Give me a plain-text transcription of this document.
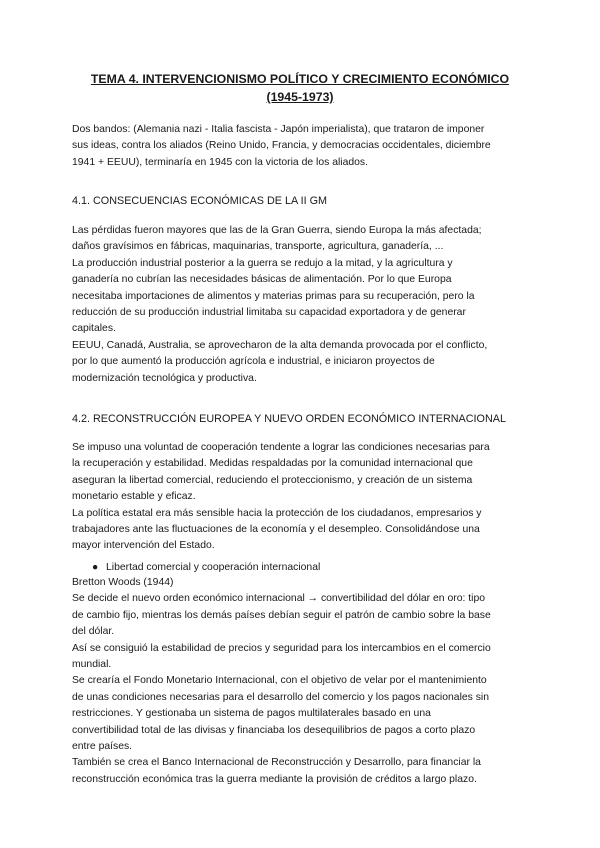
TEMA 4. INTERVENCIONISMO POLÍTICO Y CRECIMIENTO ECONÓMICO
(1945-1973)

Dos bandos: (Alemania nazi - Italia fascista - Japón imperialista), que trataron de imponer

sus ideas, contra los aliados (Reino Unido, Francia, y democracias occidentales, diciembre

1941 + EEUU), terminaría en 1945 con la victoria de los aliados.

4.1. CONSECUENCIAS ECONÓMICAS DE LA II GM

Las pérdidas fueron mayores que las de la Gran Guerra, siendo Europa la más afectada;

daños gravísimos en fábricas, maquinarias, transporte, agricultura, ganadería, ...

La producción industrial posterior a la guerra se redujo a la mitad, y la agricultura y

ganadería no cubrían las necesidades básicas de alimentación. Por lo que Europa

necesitaba importaciones de alimentos y materias primas para su recuperación, pero la

reducción de su producción industrial limitaba su capacidad exportadora y de generar

capitales.

EEUU, Canadá, Australia, se aprovecharon de la alta demanda provocada por el conflicto,

por lo que aumentó la producción agrícola e industrial, e iniciaron proyectos de

modernización tecnológica y productiva.

4.2. RECONSTRUCCIÓN EUROPEA Y NUEVO ORDEN ECONÓMICO INTERNACIONAL

Se impuso una voluntad de cooperación tendente a lograr las condiciones necesarias para

la recuperación y estabilidad. Medidas respaldadas por la comunidad internacional que

aseguran la libertad comercial, reduciendo el proteccionismo, y creación de un sistema

monetario estable y eficaz.

La política estatal era más sensible hacia la protección de los ciudadanos, empresarios y

trabajadores ante las fluctuaciones de la economía y el desempleo. Consolidándose una

mayor intervención del Estado.

● Libertad comercial y cooperación internacional

Bretton Woods (1944)

Se decide el nuevo orden económico internacional → convertibilidad del dólar en oro: tipo

de cambio fijo, mientras los demás países debían seguir el patrón de cambio sobre la base

del dólar.

Así se consiguió la estabilidad de precios y seguridad para los intercambios en el comercio

mundial.

Se crearía el Fondo Monetario Internacional, con el objetivo de velar por el mantenimiento

de unas condiciones necesarias para el desarrollo del comercio y los pagos nacionales sin

restricciones. Y gestionaba un sistema de pagos multilaterales basado en una

convertibilidad total de las divisas y financiaba los desequilibrios de pagos a corto plazo

entre países.

También se crea el Banco Internacional de Reconstrucción y Desarrollo, para financiar la

reconstrucción económica tras la guerra mediante la provisión de créditos a largo plazo.
